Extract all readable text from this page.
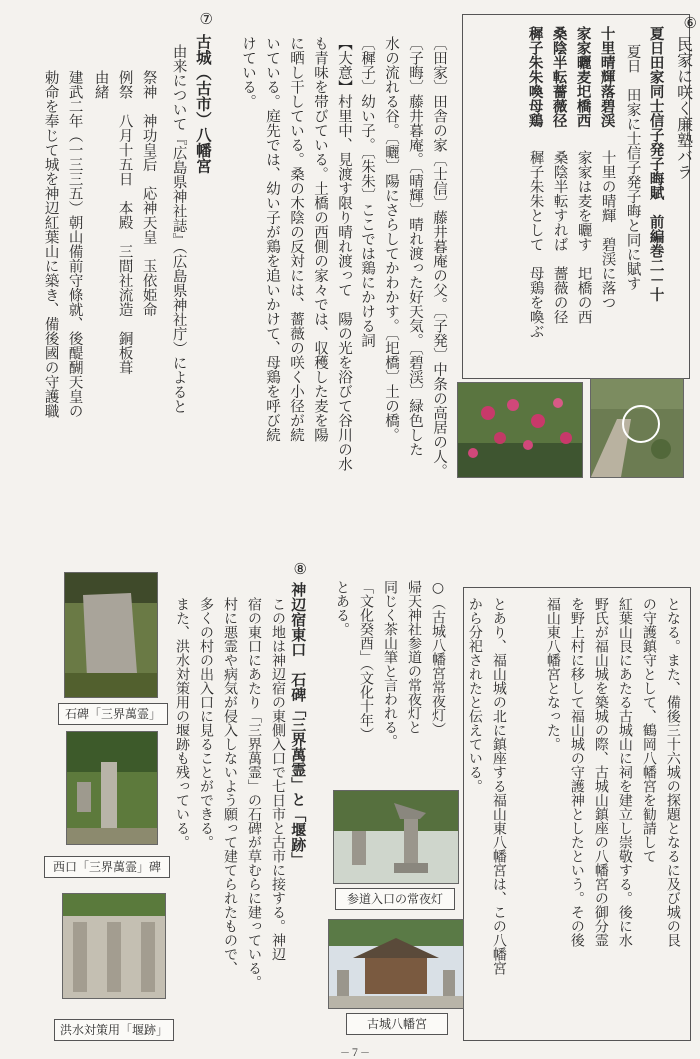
⑥
民家に咲く廉塾バラ
夏日田家同士信子発子晦賦　前編巻二－十
夏日　田家に士信子発子晦と同に賦す
十里晴輝落碧渓
家家曬麦圯橋西
桑陰半転薔薇径
穉子朱朱喚母鶏
十里の晴輝　碧渓に落つ
家家は麦を曬す　圯橋の西
桑陰半転すれば　薔薇の径
穉子朱朱として　母鶏を喚ぶ
〔田家〕田舎の家〔士信〕藤井暮庵の父。〔子発〕中条の高居の人。
〔子晦〕藤井暮庵。〔晴輝〕晴れ渡った好天気。〔碧渓〕緑色した
水の流れる谷。〔曬〕陽にさらしてかわかす。〔圯橋〕土の橋。
〔穉子〕幼い子。〔朱朱〕ここでは鶏にかける詞
【大意】村里中、見渡す限り晴れ渡って　陽の光を浴びて谷川の水
も青味を帯びている。土橋の西側の家々では、収穫した麦を陽
に晒し干している。桑の木陰の反対には、薔薇の咲く小径が続
いている。庭先では、幼い子が鶏を追いかけて、母鶏を呼び続
けている。
⑦
古城（古市）八幡宮
由来について『広島県神社誌』（広島県神社庁）によると
祭神　神功皇后　応神天皇　玉依姫命
例祭　八月十五日　本殿　三間社流造　銅板葺
由緒
建武二年（一三三五）朝山備前守條就、後醍醐天皇の
勅命を奉じて城を神辺紅葉山に築き、備後國の守護職
となる。また、備後三十六城の探題となるに及び城の艮
の守護鎮守として、鶴岡八幡宮を勧請して
紅葉山艮にあたる古城山に祠を建立し崇敬する。後に水
野氏が福山城を築城の際、古城山鎮座の八幡宮の御分霊
を野上村に移して福山城の守護神としたという。その後
福山東八幡宮となった。
とあり、福山城の北に鎮座する福山東八幡宮は、この八幡宮
から分祀されたと伝えている。
○（古城八幡宮常夜灯）
帰天神社参道の常夜灯と
同じく茶山筆と言われる。
「文化癸酉」（文化十年）
とある。
⑧
神辺宿東口　石碑「三界萬霊」と「堰跡」
この地は神辺宿の東側入口で七日市と古市に接する。神辺
宿の東口にあたり「三界萬霊」の石碑が草むらに建っている。
村に悪霊や病気が侵入しないよう願って建てられたもので、
多くの村の出入口に見ることができる。
また、洪水対策用の堰跡も残っている。
石碑「三界萬霊」
西口「三界萬霊」碑
洪水対策用「堰跡」
参道入口の常夜灯
古城八幡宮
－７－
